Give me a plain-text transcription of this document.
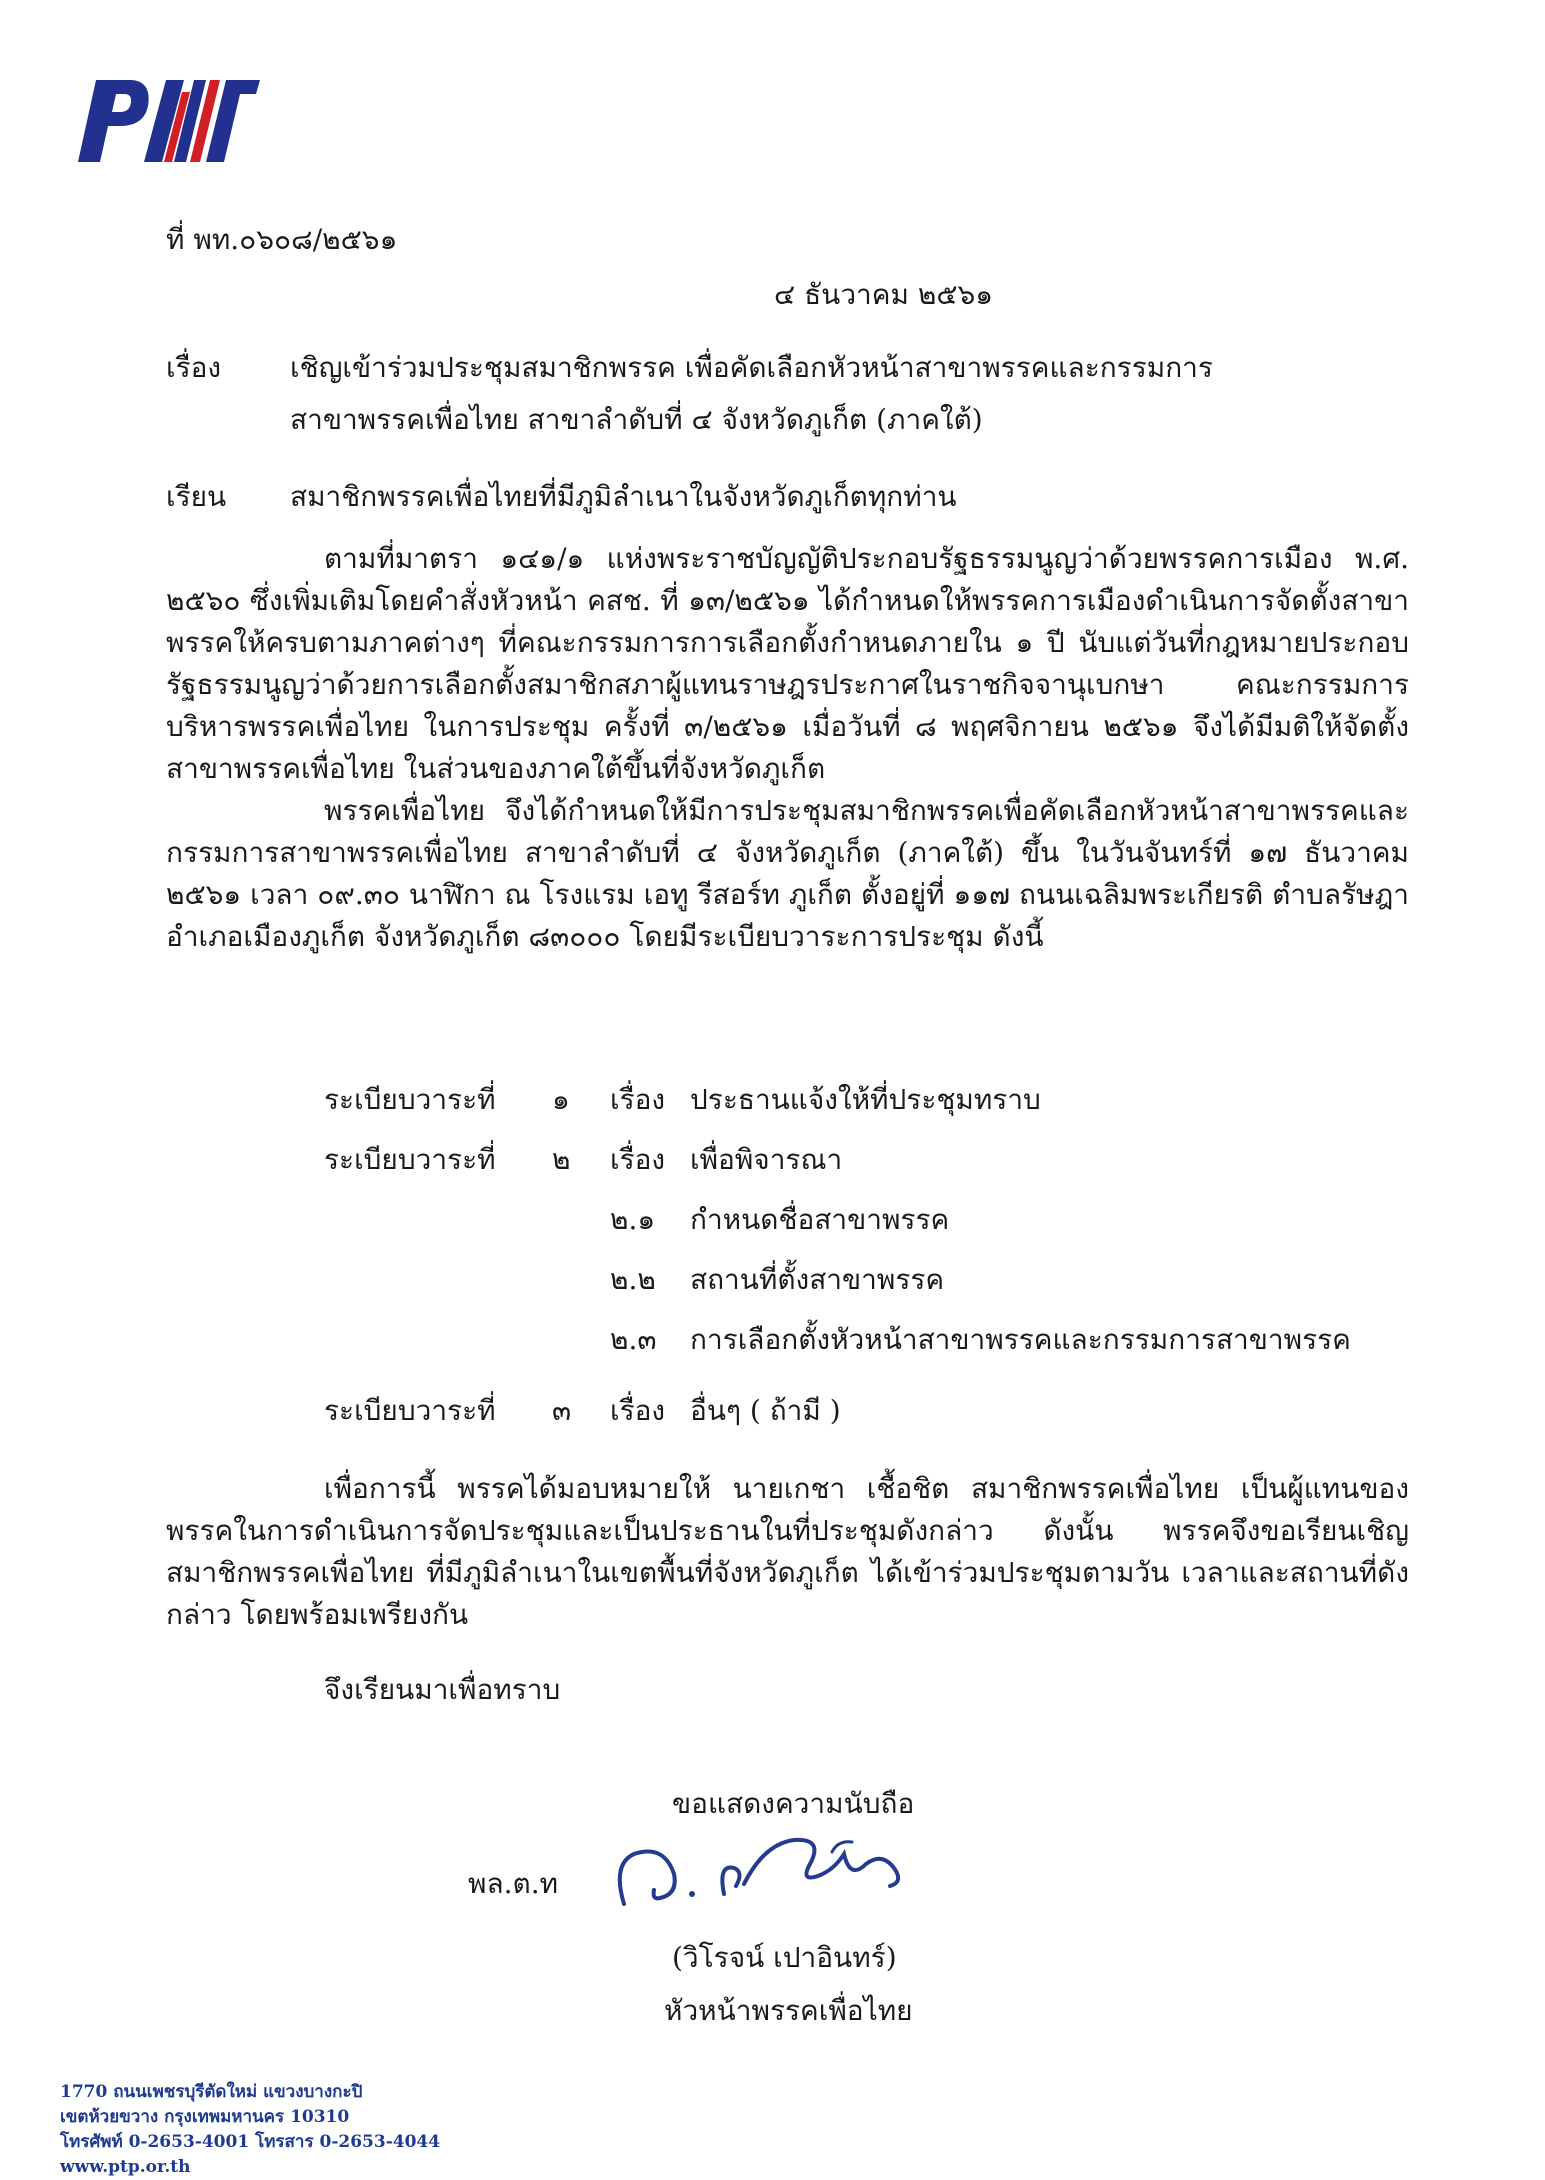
ที่ พท.๐๖๐๘/๒๕๖๑
๔ ธันวาคม ๒๕๖๑
เรื่อง เชิญเข้าร่วมประชุมสมาชิกพรรค เพื่อคัดเลือกหัวหน้าสาขาพรรคและกรรมการ
สาขาพรรคเพื่อไทย สาขาลำดับที่ ๔ จังหวัดภูเก็ต (ภาคใต้)
เรียน สมาชิกพรรคเพื่อไทยที่มีภูมิลำเนาในจังหวัดภูเก็ตทุกท่าน

ตามที่มาตรา ๑๔๑/๑ แห่งพระราชบัญญัติประกอบรัฐธรรมนูญว่าด้วยพรรคการเมือง พ.ศ. ๒๕๖๐ ซึ่งเพิ่มเติมโดยคำสั่งหัวหน้า คสช. ที่ ๑๓/๒๕๖๑ ได้กำหนดให้พรรคการเมืองดำเนินการจัดตั้งสาขาพรรคให้ครบตามภาคต่างๆ ที่คณะกรรมการการเลือกตั้งกำหนดภายใน ๑ ปี นับแต่วันที่กฎหมายประกอบรัฐธรรมนูญว่าด้วยการเลือกตั้งสมาชิกสภาผู้แทนราษฎรประกาศในราชกิจจานุเบกษา คณะกรรมการบริหารพรรคเพื่อไทย ในการประชุม ครั้งที่ ๓/๒๕๖๑ เมื่อวันที่ ๘ พฤศจิกายน ๒๕๖๑ จึงได้มีมติให้จัดตั้งสาขาพรรคเพื่อไทย ในส่วนของภาคใต้ขึ้นที่จังหวัดภูเก็ต

พรรคเพื่อไทย จึงได้กำหนดให้มีการประชุมสมาชิกพรรคเพื่อคัดเลือกหัวหน้าสาขาพรรคและกรรมการสาขาพรรคเพื่อไทย สาขาลำดับที่ ๔ จังหวัดภูเก็ต (ภาคใต้) ขึ้น ในวันจันทร์ที่ ๑๗ ธันวาคม ๒๕๖๑ เวลา ๐๙.๓๐ นาฬิกา ณ โรงแรม เอทู รีสอร์ท ภูเก็ต ตั้งอยู่ที่ ๑๑๗ ถนนเฉลิมพระเกียรติ ตำบลรัษฎา อำเภอเมืองภูเก็ต จังหวัดภูเก็ต ๘๓๐๐๐ โดยมีระเบียบวาระการประชุม ดังนี้

ระเบียบวาระที่ ๑ เรื่อง ประธานแจ้งให้ที่ประชุมทราบ
ระเบียบวาระที่ ๒ เรื่อง เพื่อพิจารณา
๒.๑ กำหนดชื่อสาขาพรรค
๒.๒ สถานที่ตั้งสาขาพรรค
๒.๓ การเลือกตั้งหัวหน้าสาขาพรรคและกรรมการสาขาพรรค
ระเบียบวาระที่ ๓ เรื่อง อื่นๆ ( ถ้ามี )

เพื่อการนี้ พรรคได้มอบหมายให้ นายเกชา เชื้อชิต สมาชิกพรรคเพื่อไทย เป็นผู้แทนของพรรคในการดำเนินการจัดประชุมและเป็นประธานในที่ประชุมดังกล่าว ดังนั้น พรรคจึงขอเรียนเชิญสมาชิกพรรคเพื่อไทย ที่มีภูมิลำเนาในเขตพื้นที่จังหวัดภูเก็ต ได้เข้าร่วมประชุมตามวัน เวลาและสถานที่ดังกล่าว โดยพร้อมเพรียงกัน

จึงเรียนมาเพื่อทราบ
ขอแสดงความนับถือ
พล.ต.ท
(วิโรจน์ เปาอินทร์)
หัวหน้าพรรคเพื่อไทย
1770 ถนนเพชรบุรีตัดใหม่ แขวงบางกะปิ
เขตห้วยขวาง กรุงเทพมหานคร 10310
โทรศัพท์ 0-2653-4001 โทรสาร 0-2653-4044
www.ptp.or.th
